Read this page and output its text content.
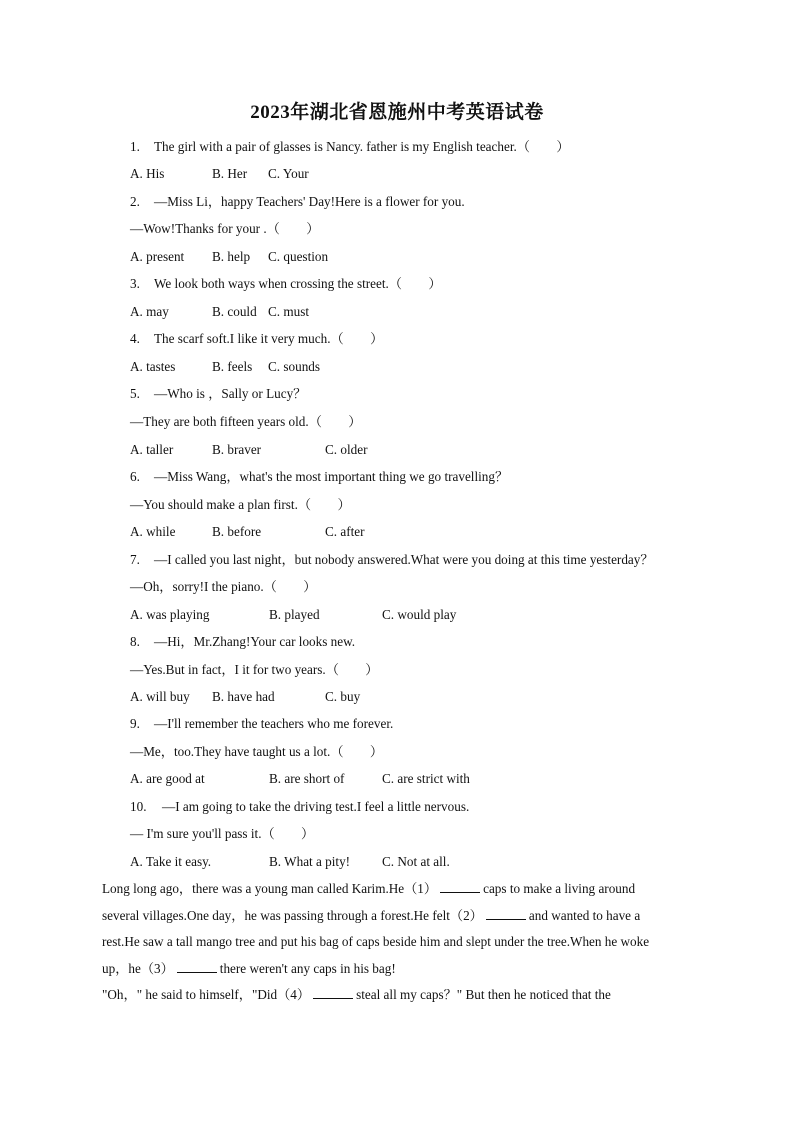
2023年湖北省恩施州中考英语试卷
1. The girl with a pair of glasses is Nancy. father is my English teacher.（　　）
A. His	B. Her C. Your
2. —Miss Li，happy Teachers' Day!Here is a flower for you.
—Wow!Thanks for your .（　　）
A. present B. help C. question
3. We look both ways when crossing the street.（　　）
A. may	B. could C. must
4. The scarf soft.I like it very much.（　　）
A. tastes	B. feels C. sounds
5. —Who is ，Sally or Lucy？
—They are both fifteen years old.（　　）
A. taller	B. braver	C. older
6. —Miss Wang，what's the most important thing we go travelling？
—You should make a plan first.（　　）
A. while	B. before	C. after
7. —I called you last night，but nobody answered.What were you doing at this time yesterday？
—Oh，sorry!I the piano.（　　）
A. was playing	B. played	C. would play
8. —Hi，Mr.Zhang!Your car looks new.
—Yes.But in fact，I it for two years.（　　）
A. will buy B. have had	C. buy
9. —I'll remember the teachers who me forever.
—Me，too.They have taught us a lot.（　　）
A. are good at	B. are short of	C. are strict with
10. —I am going to take the driving test.I feel a little nervous.
— I'm sure you'll pass it.（　　）
A. Take it easy.	B. What a pity! C. Not at all.
Long long ago，there was a young man called Karim.He（1）	caps to make a living around
several villages.One day，he was passing through a forest.He felt（2）	and wanted to have a
rest.He saw a tall mango tree and put his bag of caps beside him and slept under the tree.When he woke
up，he（3）	there weren't any caps in his bag!
"Oh，" he said to himself，"Did（4）	steal all my caps？" But then he noticed that the
